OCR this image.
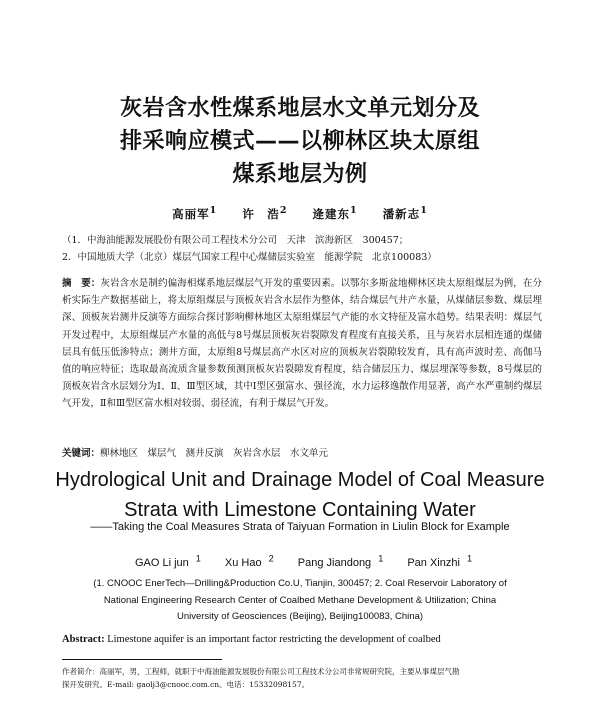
灰岩含水性煤系地层水文单元划分及
排采响应模式——以柳林区块太原组
煤系地层为例
高丽军$^1$ 许　浩$^2$ 逄建东$^1$ 潘新志$^1$
（1．中海油能源发展股份有限公司工程技术分公司　天津　滨海新区　300457；
2．中国地质大学（北京）煤层气国家工程中心煤储层实验室　能源学院　北京100083）
摘　要：灰岩含水是制约偏海相煤系地层煤层气开发的重要因素。以鄂尔多斯盆地柳林区块太原组煤层为例，在分析实际生产数据基础上，将太原组煤层与顶板灰岩含水层作为整体，结合煤层气井产水量，从煤储层参数、煤层埋深、顶板灰岩测井反演等方面综合探讨影响柳林地区太原组煤层气产能的水文特征及富水趋势。结果表明：煤层气开发过程中，太原组煤层产水量的高低与8号煤层顶板灰岩裂隙发育程度有直接关系，且与灰岩水层相连通的煤储层具有低压低渗特点；测井方面，太原组8号煤层高产水区对应的顶板灰岩裂隙较发育，具有高声波时差、高伽马值的响应特征；选取最高流质含量参数预测顶板灰岩裂隙发育程度，结合储层压力、煤层埋深等参数，8号煤层的顶板灰岩含水层划分为Ⅰ、Ⅱ、Ⅲ型区域，其中Ⅰ型区强富水、强径流，水力运移逸散作用显著，高产水严重制约煤层气开发，Ⅱ和Ⅲ型区富水相对较弱、弱径流，有利于煤层气开发。
关键词：柳林地区　煤层气　测井反演　灰岩含水层　水文单元
Hydrological Unit and Drainage Model of Coal Measure
Strata with Limestone Containing Water
——Taking the Coal Measures Strata of Taiyuan Formation in Liulin Block for Example
GAO Li jun $^1$ Xu Hao $^2$ Pang Jiandong $^1$ Pan Xinzhi $^1$
(1. CNOOC EnerTech—Drilling&Production Co.U, Tianjin, 300457; 2. Coal Reservoir Laboratory of
National Engineering Research Center of Coalbed Methane Development & Utilization; China
University of Geosciences (Beijing), Beijing100083, China)
Abstract: Limestone aquifer is an important factor restricting the development of coalbed
作者简介：高丽军，男，工程师，就职于中海油能源发展股份有限公司工程技术分公司非常规研究院，主要从事煤层气勘
探开发研究。E-mail: gaolj3@cnooc.com.cn。电话：15332098157。
